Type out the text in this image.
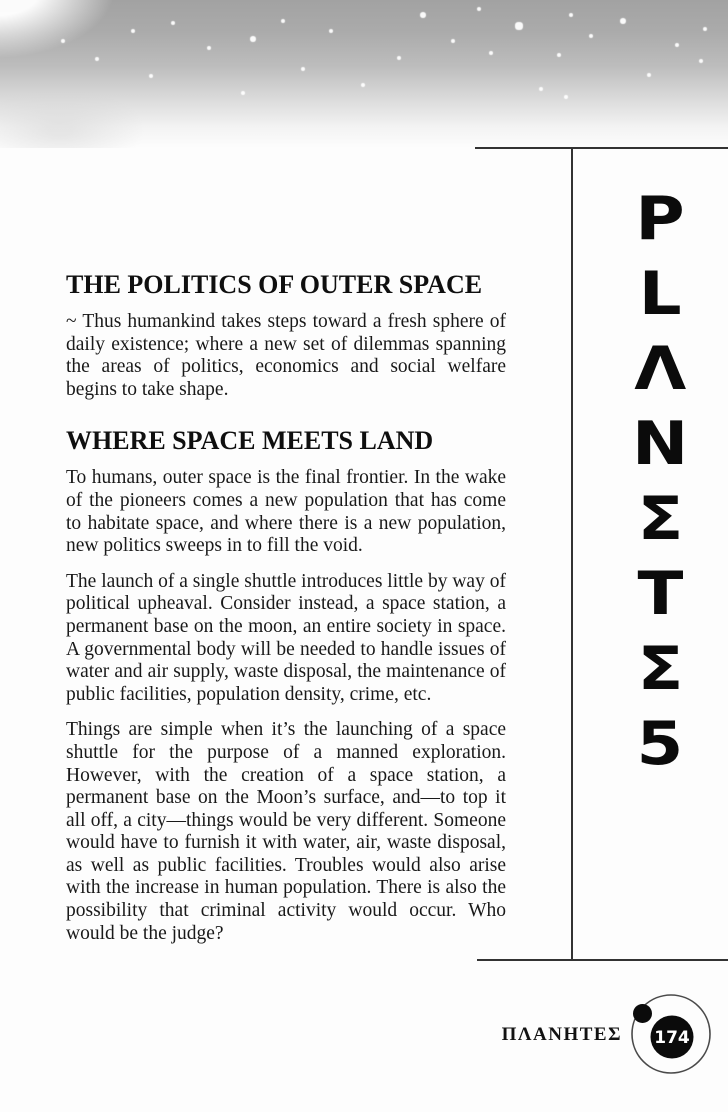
THE POLITICS OF OUTER SPACE

~ Thus humankind takes steps toward a fresh sphere of daily existence; where a new set of dilemmas spanning the areas of politics, economics and social welfare begins to take shape.

WHERE SPACE MEETS LAND

To humans, outer space is the final frontier. In the wake of the pioneers comes a new population that has come to habitate space, and where there is a new population, new politics sweeps in to fill the void.

The launch of a single shuttle introduces little by way of political upheaval. Consider instead, a space station, a permanent base on the moon, an entire society in space. A governmental body will be needed to handle issues of water and air supply, waste disposal, the maintenance of public facilities, population density, crime, etc.

Things are simple when it’s the launching of a space shuttle for the purpose of a manned exploration. However, with the creation of a space station, a permanent base on the Moon’s surface, and—to top it all off, a city—things would be very different. Someone would have to furnish it with water, air, waste disposal, as well as public facilities. Troubles would also arise with the increase in human population. There is also the possibility that criminal activity would occur. Who would be the judge?

P
L
Λ
N
Σ
T
Σ
5
ΠΛΑΝΗΤΕΣ 174
